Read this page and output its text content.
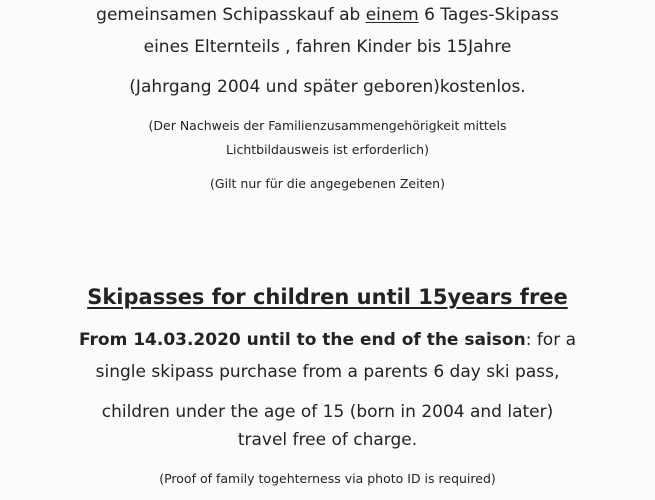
gemeinsamen Schipasskauf ab einem 6 Tages-Skipass
eines Elternteils , fahren Kinder bis 15Jahre
(Jahrgang 2004 und später geboren)kostenlos.
(Der Nachweis der Familienzusammengehörigkeit mittels
Lichtbildausweis ist erforderlich)
(Gilt nur für die angegebenen Zeiten)
Skipasses for children until 15years free
From 14.03.2020 until to the end of the saison: for a
single skipass purchase from a parents 6 day ski pass,
children under the age of 15 (born in 2004 and later)
travel free of charge.
(Proof of family togehterness via photo ID is required)
